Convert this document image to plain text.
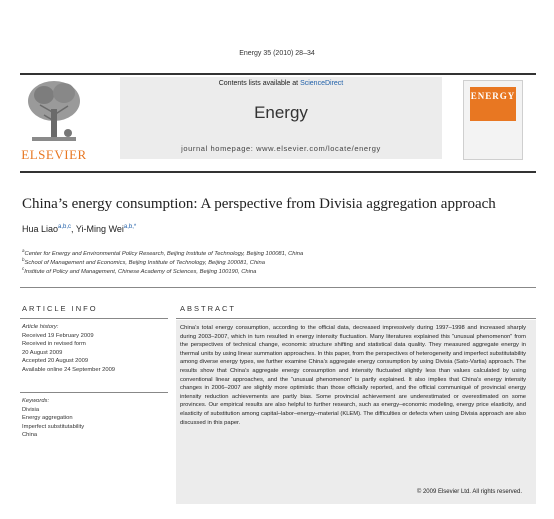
Energy 35 (2010) 28–34
ELSEVIER
Contents lists available at ScienceDirect
Energy
journal homepage: www.elsevier.com/locate/energy
ENERGY
China’s energy consumption: A perspective from Divisia aggregation approach
Hua Liao$^{a,b,c}$, Yi-Ming Wei$^{a,b,*}$
$^a$Center for Energy and Environmental Policy Research, Beijing Institute of Technology, Beijing 100081, China
$^b$School of Management and Economics, Beijing Institute of Technology, Beijing 100081, China
$^c$Institute of Policy and Management, Chinese Academy of Sciences, Beijing 100190, China
ARTICLE INFO	ABSTRACT
Article history:
Received 19 February 2009
Received in revised form
20 August 2009
Accepted 20 August 2009
Available online 24 September 2009
Keywords:
Divisia
Energy aggregation
Imperfect substitutability
China
China’s total energy consumption, according to the official data, decreased impressively during 1997–1998 and increased sharply during 2003–2007, which in turn resulted in energy intensity fluctuation. Many literatures explained this “unusual phenomenon” from the perspectives of technical change, economic structure shifting and statistical data quality. They measured aggregate energy in thermal units by using linear summation approaches. In this paper, from the perspectives of heterogeneity and imperfect substitutability among diverse energy types, we further examine China’s aggregate energy consumption by using Divisia (Sato-Vartia) approach. The results show that China’s aggregate energy consumption and intensity fluctuated slightly less than values calculated by using conventional linear approaches, and the “unusual phenomenon” is partly explained. It also implies that China’s energy intensity changes in 2006–2007 are slightly more optimistic than those officially reported, and the official communiqué of provincial energy intensity reduction achievements are partly bias. Some provincial achievement are underestimated or overestimated on some provinces. Our empirical results are also helpful to further research, such as energy–economic modeling, energy price elasticity, and elasticity of substitution among capital–labor–energy–material (KLEM). The difficulties or defects when using Divisia approach are also discussed in this paper.
© 2009 Elsevier Ltd. All rights reserved.
